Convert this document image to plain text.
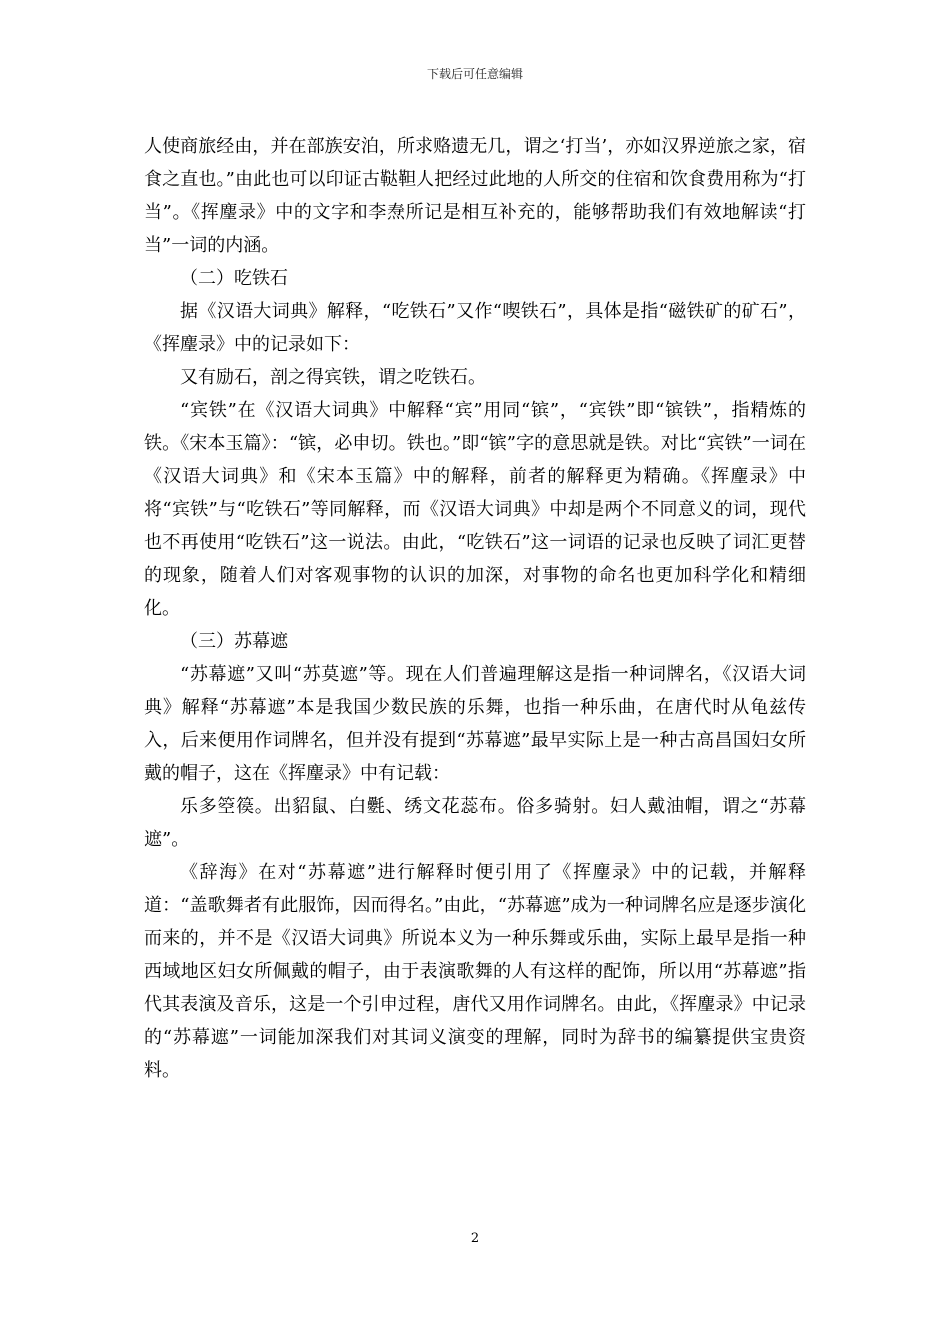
下载后可任意编辑

人使商旅经由，并在部族安泊，所求赂遗无几，谓之‘打当’，亦如汉界逆旅之家，宿食之直也。”由此也可以印证古鞑靼人把经过此地的人所交的住宿和饮食费用称为“打当”。《挥麈录》中的文字和李焘所记是相互补充的，能够帮助我们有效地解读“打当”一词的内涵。

（二）吃铁石

据《汉语大词典》解释，“吃铁石”又作“喫铁石”，具体是指“磁铁矿的矿石”，《挥麈录》中的记录如下：

又有励石，剖之得宾铁，谓之吃铁石。

“宾铁”在《汉语大词典》中解释“宾”用同“镔”，“宾铁”即“镔铁”，指精炼的铁。《宋本玉篇》：“镔，必申切。铁也。”即“镔”字的意思就是铁。对比“宾铁”一词在《汉语大词典》和《宋本玉篇》中的解释，前者的解释更为精确。《挥麈录》中将“宾铁”与“吃铁石”等同解释，而《汉语大词典》中却是两个不同意义的词，现代也不再使用“吃铁石”这一说法。由此，“吃铁石”这一词语的记录也反映了词汇更替的现象，随着人们对客观事物的认识的加深，对事物的命名也更加科学化和精细化。

（三）苏幕遮

“苏幕遮”又叫“苏莫遮”等。现在人们普遍理解这是指一种词牌名，《汉语大词典》解释“苏幕遮”本是我国少数民族的乐舞，也指一种乐曲，在唐代时从龟兹传入，后来便用作词牌名，但并没有提到“苏幕遮”最早实际上是一种古高昌国妇女所戴的帽子，这在《挥麈录》中有记载：

乐多箜篌。出貂鼠、白氎、绣文花蕊布。俗多骑射。妇人戴油帽，谓之“苏幕遮”。

《辞海》在对“苏幕遮”进行解释时便引用了《挥麈录》中的记载，并解释道：“盖歌舞者有此服饰，因而得名。”由此，“苏幕遮”成为一种词牌名应是逐步演化而来的，并不是《汉语大词典》所说本义为一种乐舞或乐曲，实际上最早是指一种西域地区妇女所佩戴的帽子，由于表演歌舞的人有这样的配饰，所以用“苏幕遮”指代其表演及音乐，这是一个引申过程，唐代又用作词牌名。由此，《挥麈录》中记录的“苏幕遮”一词能加深我们对其词义演变的理解，同时为辞书的编纂提供宝贵资料。

2
